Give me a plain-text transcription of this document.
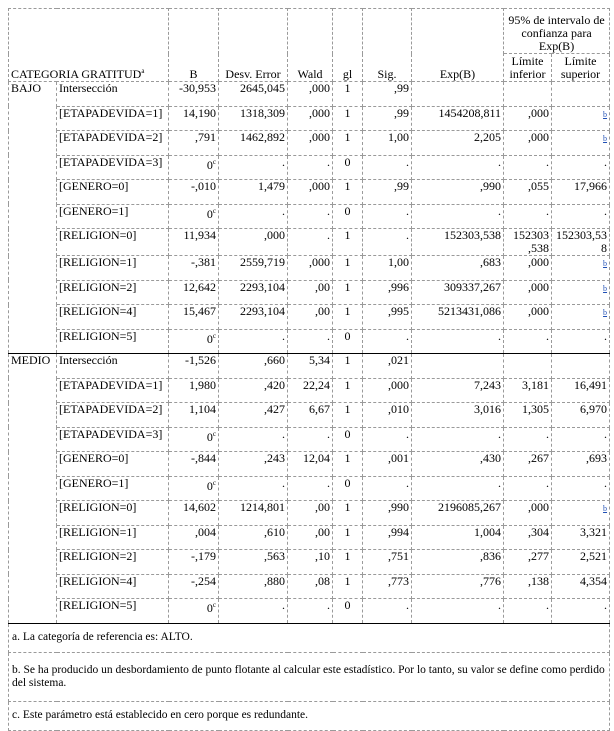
CATEGORIA GRATITUD$^a$		B	Desv. Error	Wald	gl	Sig.	Exp(B)	95% de intervalo de confianza para Exp(B)	
								Límite inferior	Límite superior
BAJO	Intersección	-30,953	2645,045	,000	1	,99			
	[ETAPADEVIDA=1]	14,190	1318,309	,000	1	,99	1454208,811	,000	b
	[ETAPADEVIDA=2]	,791	1462,892	,000	1	1,00	2,205	,000	b
	[ETAPADEVIDA=3]	0$^c$	.	.	0	.	.	.	.
	[GENERO=0]	-,010	1,479	,000	1	,99	,990	,055	17,966
	[GENERO=1]	0$^c$	.	.	0	.	.	.	.
	[RELIGION=0]	11,934	,000	.	1	.	152303,538	152303 ,538	152303,53 8
	[RELIGION=1]	-,381	2559,719	,000	1	1,00	,683	,000	b
	[RELIGION=2]	12,642	2293,104	,00	1	,996	309337,267	,000	b
	[RELIGION=4]	15,467	2293,104	,00	1	,995	5213431,086	,000	b
	[RELIGION=5]	0$^c$	.	.	0	.	.	.	.
MEDIO	Intersección	-1,526	,660	5,34	1	,021			
	[ETAPADEVIDA=1]	1,980	,420	22,24	1	,000	7,243	3,181	16,491
	[ETAPADEVIDA=2]	1,104	,427	6,67	1	,010	3,016	1,305	6,970
	[ETAPADEVIDA=3]	0$^c$	.	.	0	.	.	.	.
	[GENERO=0]	-,844	,243	12,04	1	,001	,430	,267	,693
	[GENERO=1]	0$^c$	.	.	0	.	.	.	.
	[RELIGION=0]	14,602	1214,801	,00	1	,990	2196085,267	,000	b
	[RELIGION=1]	,004	,610	,00	1	,994	1,004	,304	3,321
	[RELIGION=2]	-,179	,563	,10	1	,751	,836	,277	2,521
	[RELIGION=4]	-,254	,880	,08	1	,773	,776	,138	4,354
	[RELIGION=5]	0$^c$	.	.	0	.	.	.	.
a. La categoría de referencia es: ALTO.									
b. Se ha producido un desbordamiento de punto flotante al calcular este estadístico. Por lo tanto, su valor se define como perdido del sistema.									
c. Este parámetro está establecido en cero porque es redundante.									
